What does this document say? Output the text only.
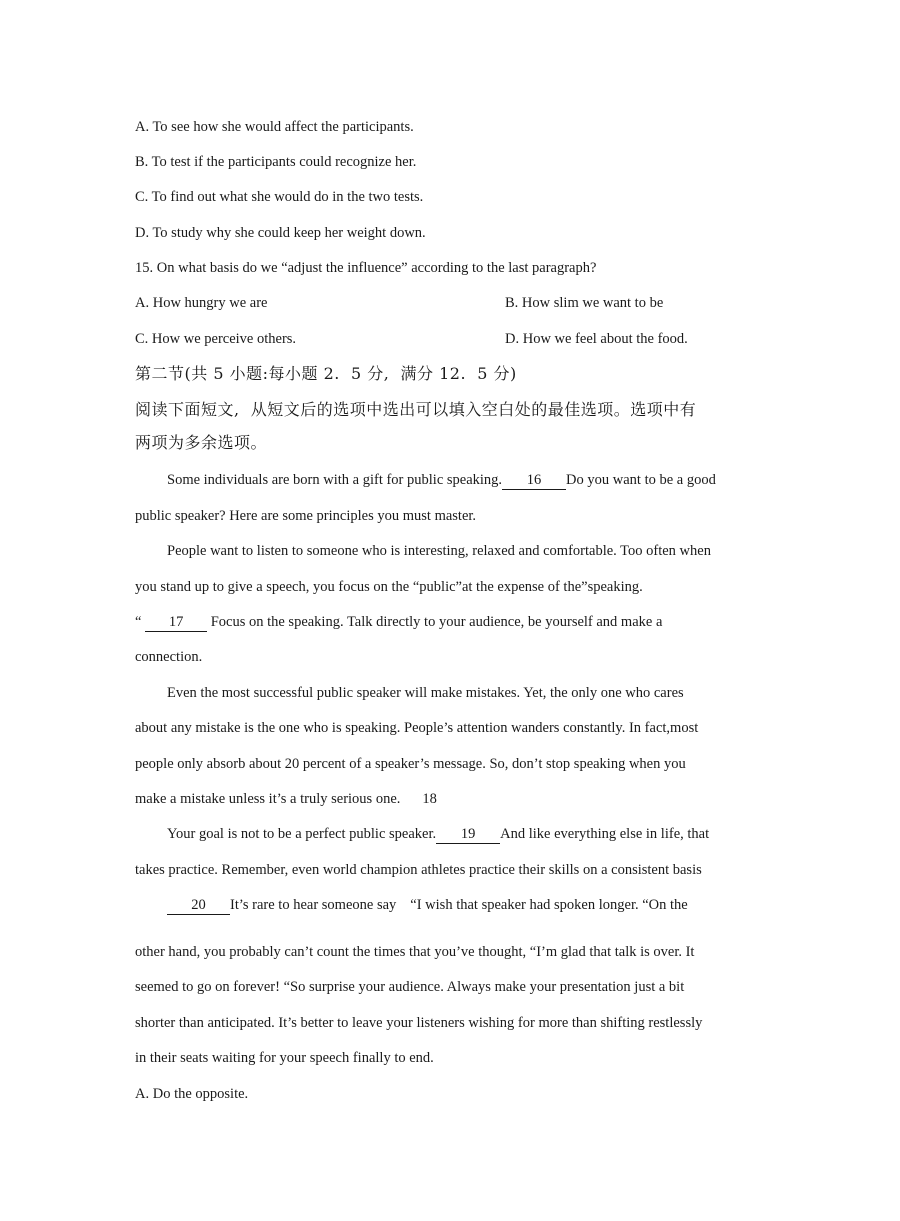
A. To see how she would affect the participants.
B. To test if the participants could recognize her.
C. To find out what she would do in the two tests.
D. To study why she could keep her weight down.
15. On what basis do we “adjust the influence” according to the last paragraph?
A. How hungry we are	B. How slim we want to be
C. How we perceive others.	D. How we feel about the food.
第二节(共 5 小题:每小题 2.  5 分,  满分 12.  5 分)
阅读下面短文,  从短文后的选项中选出可以填入空白处的最佳选项。选项中有
两项为多余选项。
Some individuals are born with a gift for public speaking. 16 Do you want to be a good
public speaker? Here are some principles you must master.
People want to listen to someone who is interesting, relaxed and comfortable. Too often when
you stand up to give a speech, you focus on the “public”at the expense of the”speaking.
“ 17 Focus on the speaking. Talk directly to your audience, be yourself and make a
connection.
Even the most successful public speaker will make mistakes. Yet, the only one who cares
about any mistake is the one who is speaking. People’s attention wanders constantly. In fact,most
people only absorb about 20 percent of a speaker’s message. So, don’t stop speaking when you
make a mistake unless it’s a truly serious one. 18
Your goal is not to be a perfect public speaker. 19 And like everything else in life, that
takes practice. Remember, even world champion athletes practice their skills on a consistent basis
20 It’s rare to hear someone say “I wish that speaker had spoken longer. “On the
other hand, you probably can’t count the times that you’ve thought, “I’m glad that talk is over. It
seemed to go on forever! “So surprise your audience. Always make your presentation just a bit
shorter than anticipated. It’s better to leave your listeners wishing for more than shifting restlessly
in their seats waiting for your speech finally to end.
A. Do the opposite.
